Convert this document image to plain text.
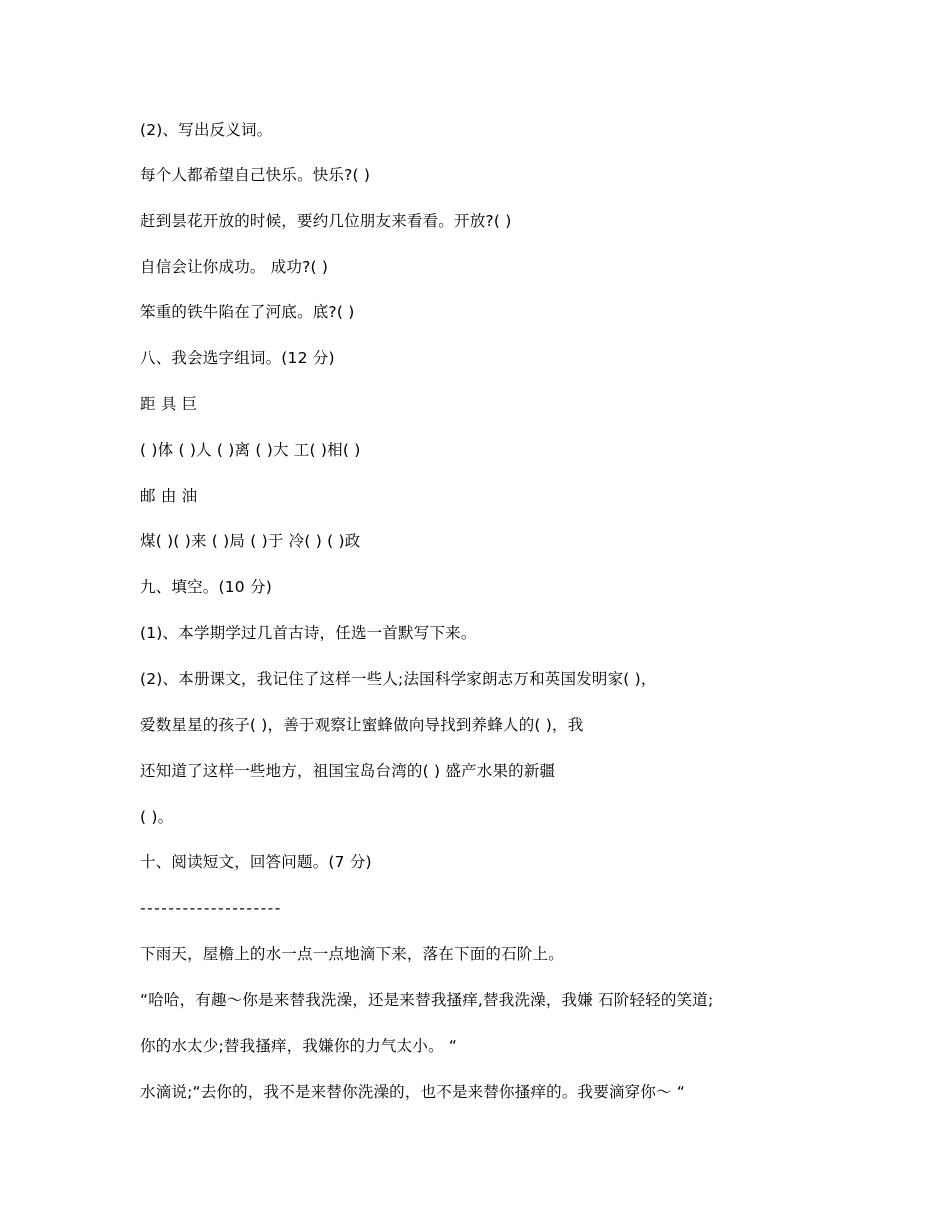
(2)、写出反义词。
每个人都希望自己快乐。快乐?( )
赶到昙花开放的时候，要约几位朋友来看看。开放?( )
自信会让你成功。 成功?( )
笨重的铁牛陷在了河底。底?( )
八、我会选字组词。(12 分)
距 具 巨
( )体 ( )人 ( )离 ( )大 工( )相( )
邮 由 油
煤( )( )来 ( )局 ( )于 冷( ) ( )政
九、填空。(10 分)
(1)、本学期学过几首古诗，任选一首默写下来。
(2)、本册课文，我记住了这样一些人;法国科学家朗志万和英国发明家( )，
爱数星星的孩子( )，善于观察让蜜蜂做向导找到养蜂人的( )，我
还知道了这样一些地方，祖国宝岛台湾的( ) 盛产水果的新疆
( )。
十、阅读短文，回答问题。(7 分)
--------------------
下雨天，屋檐上的水一点一点地滴下来，落在下面的石阶上。
“哈哈，有趣～你是来替我洗澡，还是来替我搔痒,替我洗澡，我嫌 石阶轻轻的笑道;
你的水太少;替我搔痒，我嫌你的力气太小。 “
水滴说;“去你的，我不是来替你洗澡的，也不是来替你搔痒的。我要滴穿你～ “
